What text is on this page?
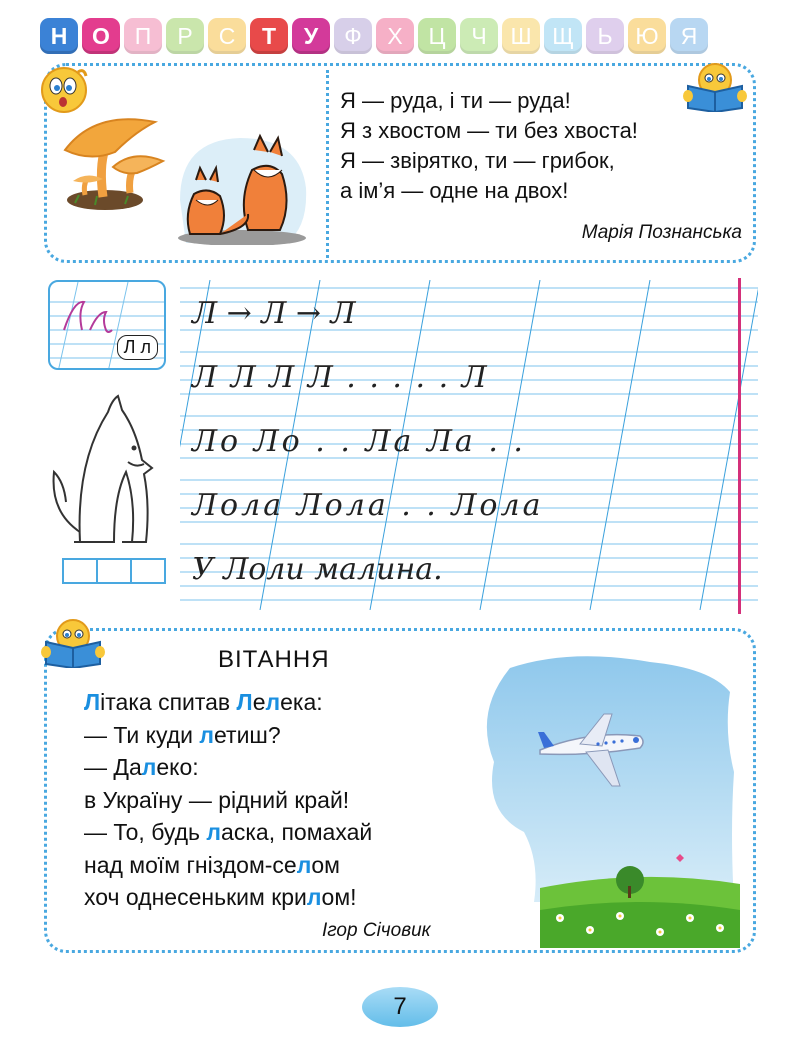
Н	О	П	Р	С	Т	У	Ф	Х	Ц	Ч	Ш Щ	Ь Ю Я
Я — руда, і ти — руда!
Я з хвостом — ти без хвоста!
Я — звірятко, ти — грибок,
а ім’я — одне на двох!
Марія Познанська
Л л
Л → Л → Л
Л Л Л Л . . . . . Л
Ло Ло . . Ла Ла . .
Лола Лола . . Лола
У Лоли малина.
ВІТАННЯ
Літака спитав Лелека:
— Ти куди летиш?
— Далеко:
в Україну — рідний край!
— То, будь ласка, помахай
над моїм гніздом-селом
хоч однесеньким крилом!
Ігор Січовик
7
